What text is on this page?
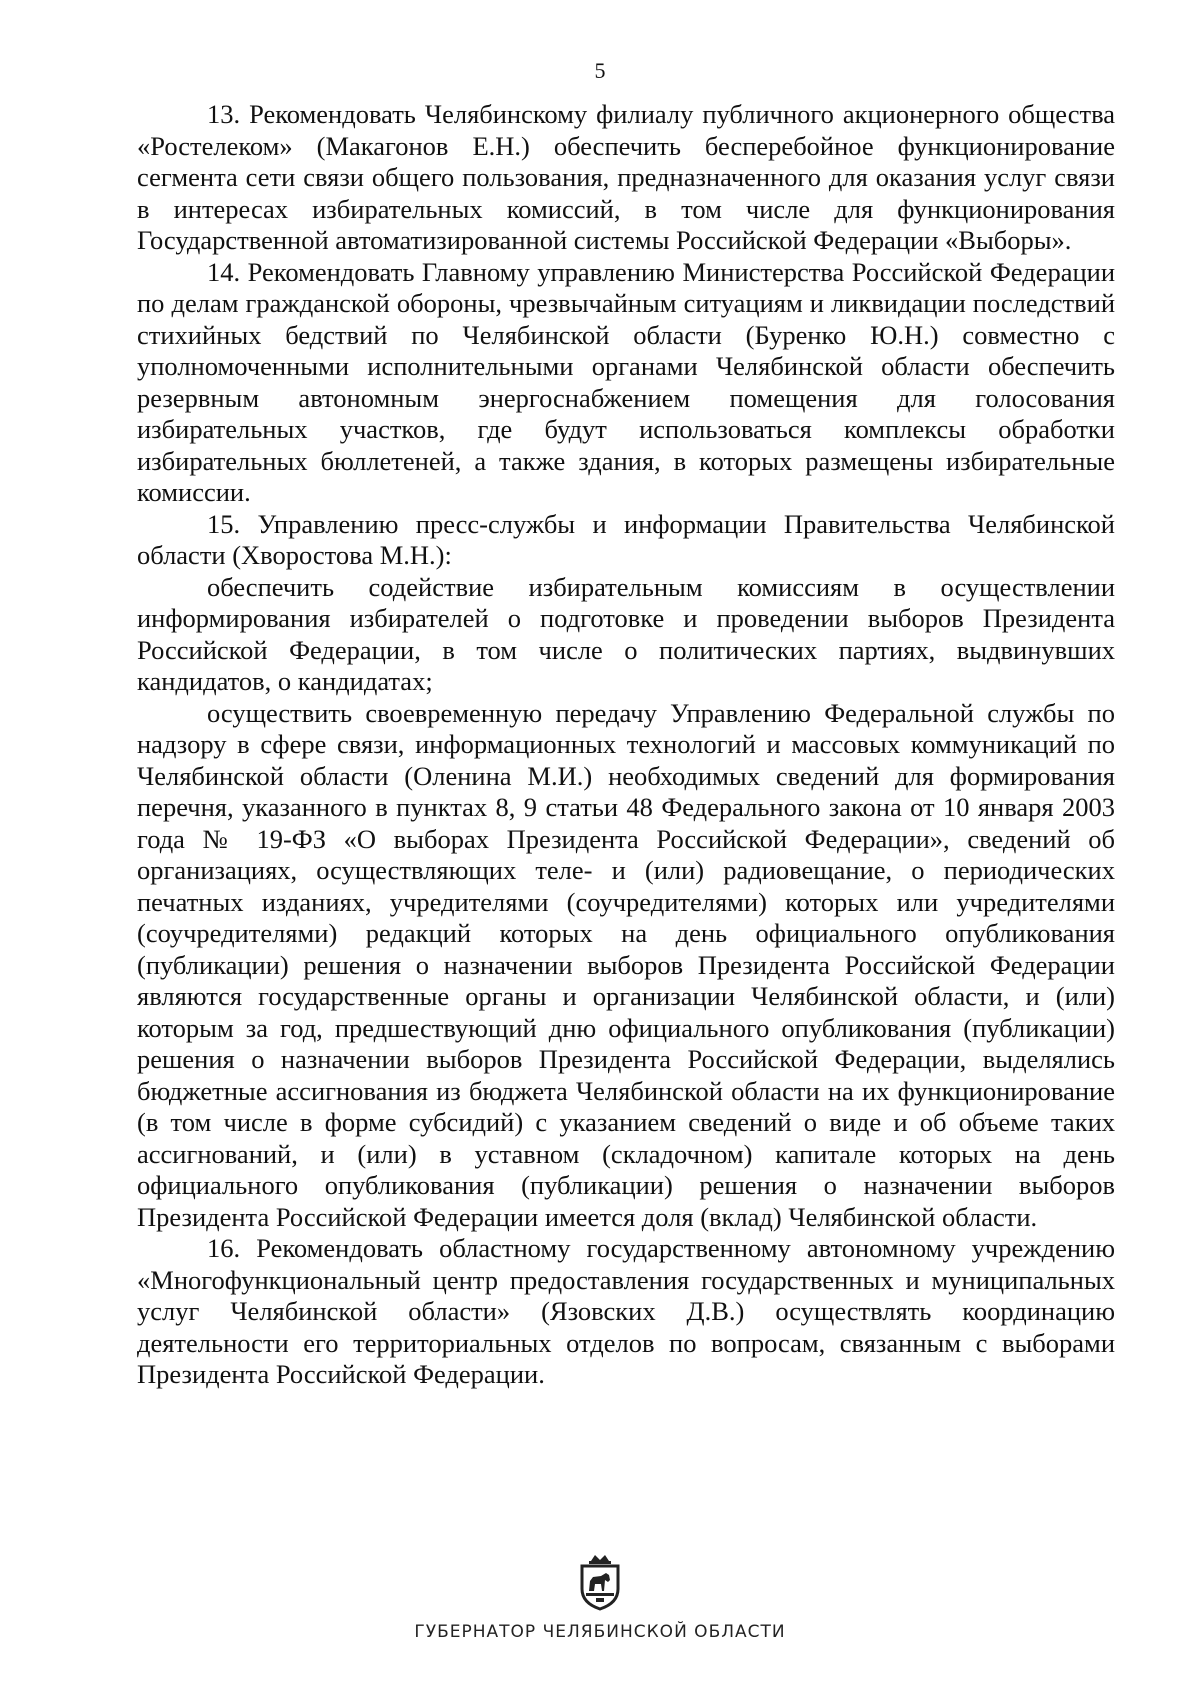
5

13. Рекомендовать Челябинскому филиалу публичного акционерного общества «Ростелеком» (Макагонов Е.Н.) обеспечить бесперебойное функционирование сегмента сети связи общего пользования, предназначенного для оказания услуг связи в интересах избирательных комиссий, в том числе для функционирования Государственной автоматизированной системы Российской Федерации «Выборы».

14. Рекомендовать Главному управлению Министерства Российской Федерации по делам гражданской обороны, чрезвычайным ситуациям и ликвидации последствий стихийных бедствий по Челябинской области (Буренко Ю.Н.) совместно с уполномоченными исполнительными органами Челябинской области обеспечить резервным автономным энергоснабжением помещения для голосования избирательных участков, где будут использоваться комплексы обработки избирательных бюллетеней, а также здания, в которых размещены избирательные комиссии.

15. Управлению пресс-службы и информации Правительства Челябинской области (Хворостова М.Н.):

обеспечить содействие избирательным комиссиям в осуществлении информирования избирателей о подготовке и проведении выборов Президента Российской Федерации, в том числе о политических партиях, выдвинувших кандидатов, о кандидатах;

осуществить своевременную передачу Управлению Федеральной службы по надзору в сфере связи, информационных технологий и массовых коммуникаций по Челябинской области (Оленина М.И.) необходимых сведений для формирования перечня, указанного в пунктах 8, 9 статьи 48 Федерального закона от 10 января 2003 года № 19-ФЗ «О выборах Президента Российской Федерации», сведений об организациях, осуществляющих теле- и (или) радиовещание, о периодических печатных изданиях, учредителями (соучредителями) которых или учредителями (соучредителями) редакций которых на день официального опубликования (публикации) решения о назначении выборов Президента Российской Федерации являются государственные органы и организации Челябинской области, и (или) которым за год, предшествующий дню официального опубликования (публикации) решения о назначении выборов Президента Российской Федерации, выделялись бюджетные ассигнования из бюджета Челябинской области на их функционирование (в том числе в форме субсидий) с указанием сведений о виде и об объеме таких ассигнований, и (или) в уставном (складочном) капитале которых на день официального опубликования (публикации) решения о назначении выборов Президента Российской Федерации имеется доля (вклад) Челябинской области.

16. Рекомендовать областному государственному автономному учреждению «Многофункциональный центр предоставления государственных и муниципальных услуг Челябинской области» (Язовских Д.В.) осуществлять координацию деятельности его территориальных отделов по вопросам, связанным с выборами Президента Российской Федерации.

ГУБЕРНАТОР ЧЕЛЯБИНСКОЙ ОБЛАСТИ
